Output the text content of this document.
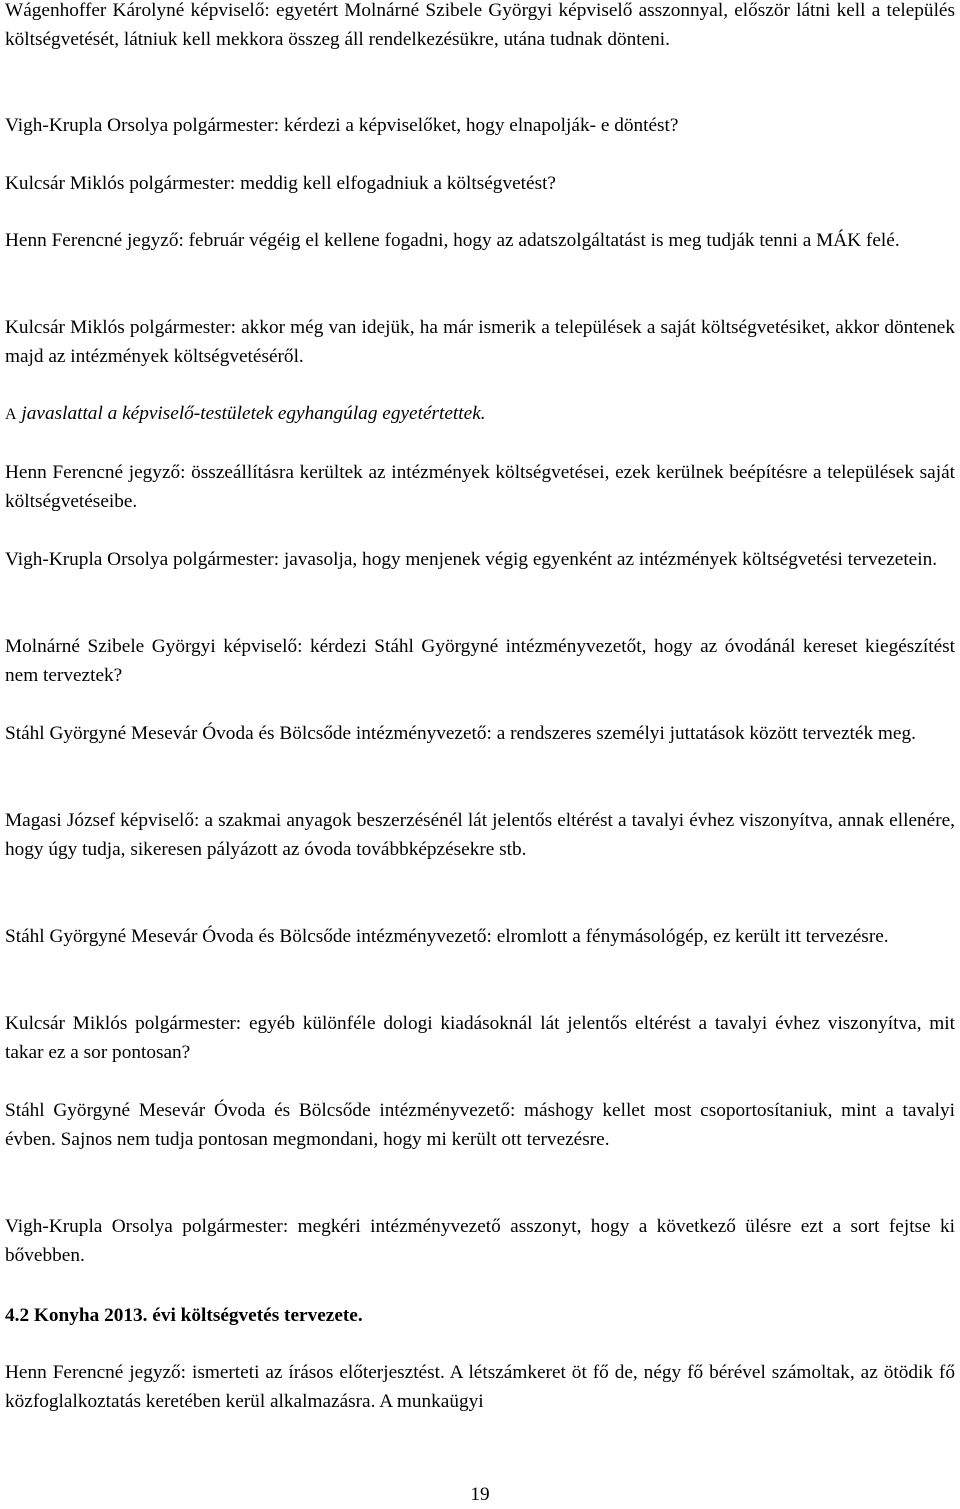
Wágenhoffer Károlyné képviselő: egyetért Molnárné Szibele Györgyi képviselő asszonnyal, először látni kell a település költségvetését, látniuk kell mekkora összeg áll rendelkezésükre, utána tudnak dönteni.

Vigh-Krupla Orsolya polgármester: kérdezi a képviselőket, hogy elnapolják- e döntést?

Kulcsár Miklós polgármester: meddig kell elfogadniuk a költségvetést?

Henn Ferencné jegyző: február végéig el kellene fogadni, hogy az adatszolgáltatást is meg tudják tenni a MÁK felé.

Kulcsár Miklós polgármester: akkor még van idejük, ha már ismerik a települések a saját költségvetésiket, akkor döntenek majd az intézmények költségvetéséről.

A javaslattal a képviselő-testületek egyhangúlag egyetértettek.

Henn Ferencné jegyző: összeállításra kerültek az intézmények költségvetései, ezek kerülnek beépítésre a települések saját költségvetéseibe.

Vigh-Krupla Orsolya polgármester: javasolja, hogy menjenek végig egyenként az intézmények költségvetési tervezetein.

Molnárné Szibele Györgyi képviselő: kérdezi Stáhl Györgyné intézményvezetőt, hogy az óvodánál kereset kiegészítést nem terveztek?

Stáhl Györgyné Mesevár Óvoda és Bölcsőde intézményvezető: a rendszeres személyi juttatások között tervezték meg.

Magasi József képviselő: a szakmai anyagok beszerzésénél lát jelentős eltérést a tavalyi évhez viszonyítva, annak ellenére, hogy úgy tudja, sikeresen pályázott az óvoda továbbképzésekre stb.

Stáhl Györgyné Mesevár Óvoda és Bölcsőde intézményvezető: elromlott a fénymásológép, ez került itt tervezésre.

Kulcsár Miklós polgármester: egyéb különféle dologi kiadásoknál lát jelentős eltérést a tavalyi évhez viszonyítva, mit takar ez a sor pontosan?

Stáhl Györgyné Mesevár Óvoda és Bölcsőde intézményvezető: máshogy kellet most csoportosítaniuk, mint a tavalyi évben. Sajnos nem tudja pontosan megmondani, hogy mi került ott tervezésre.

Vigh-Krupla Orsolya polgármester: megkéri intézményvezető asszonyt, hogy a következő ülésre ezt a sort fejtse ki bővebben.

4.2 Konyha 2013. évi költségvetés tervezete.

Henn Ferencné jegyző: ismerteti az írásos előterjesztést. A létszámkeret öt fő de, négy fő bérével számoltak, az ötödik fő közfoglalkoztatás keretében kerül alkalmazásra. A munkaügyi

19
